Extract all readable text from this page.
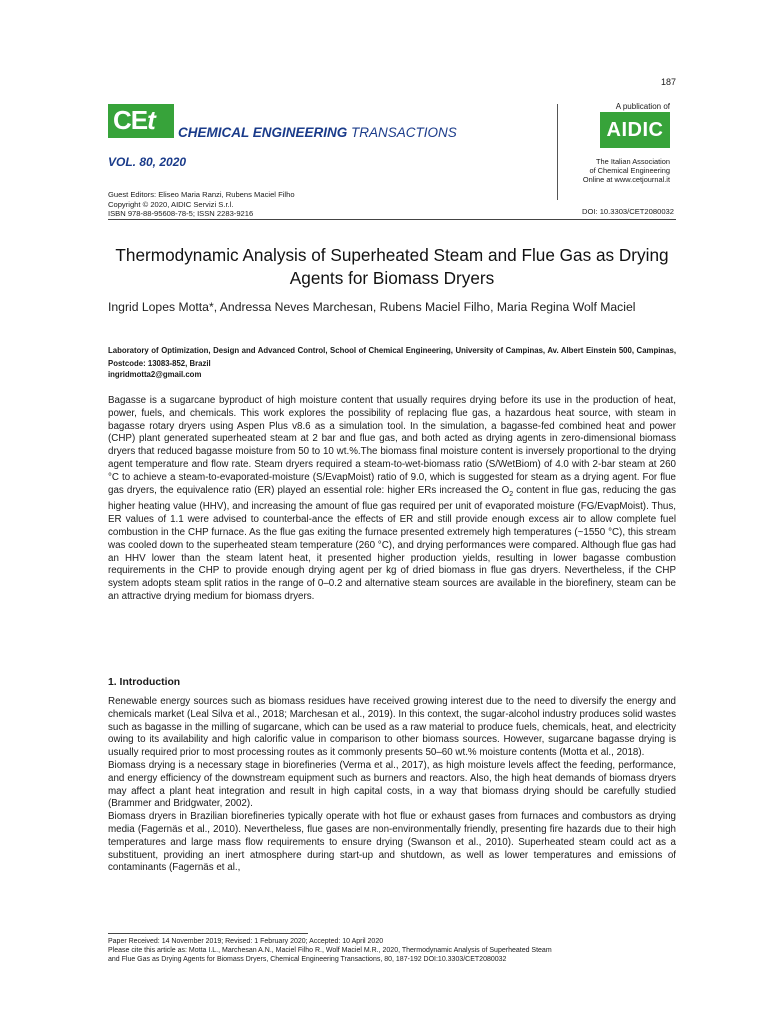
187
CEt CHEMICAL ENGINEERING TRANSACTIONS
VOL. 80, 2020
A publication of
AIDIC
The Italian Association
of Chemical Engineering
Online at www.cetjournal.it
Guest Editors: Eliseo Maria Ranzi, Rubens Maciel Filho
Copyright © 2020, AIDIC Servizi S.r.l.
ISBN 978-88-95608-78-5; ISSN 2283-9216	DOI: 10.3303/CET2080032
Thermodynamic Analysis of Superheated Steam and Flue Gas as Drying Agents for Biomass Dryers
Ingrid Lopes Motta*, Andressa Neves Marchesan, Rubens Maciel Filho, Maria Regina Wolf Maciel
Laboratory of Optimization, Design and Advanced Control, School of Chemical Engineering, University of Campinas, Av. Albert Einstein 500, Campinas, Postcode: 13083-852, Brazil
ingridmotta2@gmail.com
Bagasse is a sugarcane byproduct of high moisture content that usually requires drying before its use in the production of heat, power, fuels, and chemicals. This work explores the possibility of replacing flue gas, a hazardous heat source, with steam in bagasse rotary dryers using Aspen Plus v8.6 as a simulation tool. In the simulation, a bagasse-fed combined heat and power (CHP) plant generated superheated steam at 2 bar and flue gas, and both acted as drying agents in zero-dimensional biomass dryers that reduced bagasse moisture from 50 to 10 wt.%.The biomass final moisture content is inversely proportional to the drying agent temperature and flow rate. Steam dryers required a steam-to-wet-biomass ratio (S/WetBiom) of 4.0 with 2-bar steam at 260 °C to achieve a steam-to-evaporated-moisture (S/EvapMoist) ratio of 9.0, which is suggested for steam as a drying agent. For flue gas dryers, the equivalence ratio (ER) played an essential role: higher ERs increased the $O_2$ content in flue gas, reducing the gas higher heating value (HHV), and increasing the amount of flue gas required per unit of evaporated moisture (FG/EvapMoist). Thus, ER values of 1.1 were advised to counterbal-ance the effects of ER and still provide enough excess air to allow complete fuel combustion in the CHP furnace. As the flue gas exiting the furnace presented extremely high temperatures (~1550 °C), this stream was cooled down to the superheated steam temperature (260 °C), and drying performances were compared. Although flue gas had an HHV lower than the steam latent heat, it presented higher production yields, resulting in lower bagasse combustion requirements in the CHP to provide enough drying agent per kg of dried biomass in flue gas dryers. Nevertheless, if the CHP system adopts steam split ratios in the range of 0–0.2 and alternative steam sources are available in the biorefinery, steam can be an attractive drying medium for biomass dryers.
1. Introduction

Renewable energy sources such as biomass residues have received growing interest due to the need to diversify the energy and chemicals market (Leal Silva et al., 2018; Marchesan et al., 2019). In this context, the sugar-alcohol industry produces solid wastes such as bagasse in the milling of sugarcane, which can be used as a raw material to produce fuels, chemicals, heat, and electricity owing to its availability and high calorific value in comparison to other biomass sources. However, sugarcane bagasse drying is usually required prior to most processing routes as it commonly presents 50–60 wt.% moisture contents (Motta et al., 2018).

Biomass drying is a necessary stage in biorefineries (Verma et al., 2017), as high moisture levels affect the feeding, performance, and energy efficiency of the downstream equipment such as burners and reactors. Also, the high heat demands of biomass dryers may affect a plant heat integration and result in high capital costs, in a way that biomass drying should be carefully studied (Brammer and Bridgwater, 2002).

Biomass dryers in Brazilian biorefineries typically operate with hot flue or exhaust gases from furnaces and combustors as drying media (Fagernäs et al., 2010). Nevertheless, flue gases are non-environmentally friendly, presenting fire hazards due to their high temperatures and large mass flow requirements to ensure drying (Swanson et al., 2010). Superheated steam could act as a substituent, providing an inert atmosphere during start-up and shutdown, as well as lower temperatures and emissions of contaminants (Fagernäs et al.,

Paper Received: 14 November 2019; Revised: 1 February 2020; Accepted: 10 April 2020
Please cite this article as: Motta I.L., Marchesan A.N., Maciel Filho R., Wolf Maciel M.R., 2020, Thermodynamic Analysis of Superheated Steam
and Flue Gas as Drying Agents for Biomass Dryers, Chemical Engineering Transactions, 80, 187-192 DOI:10.3303/CET2080032
